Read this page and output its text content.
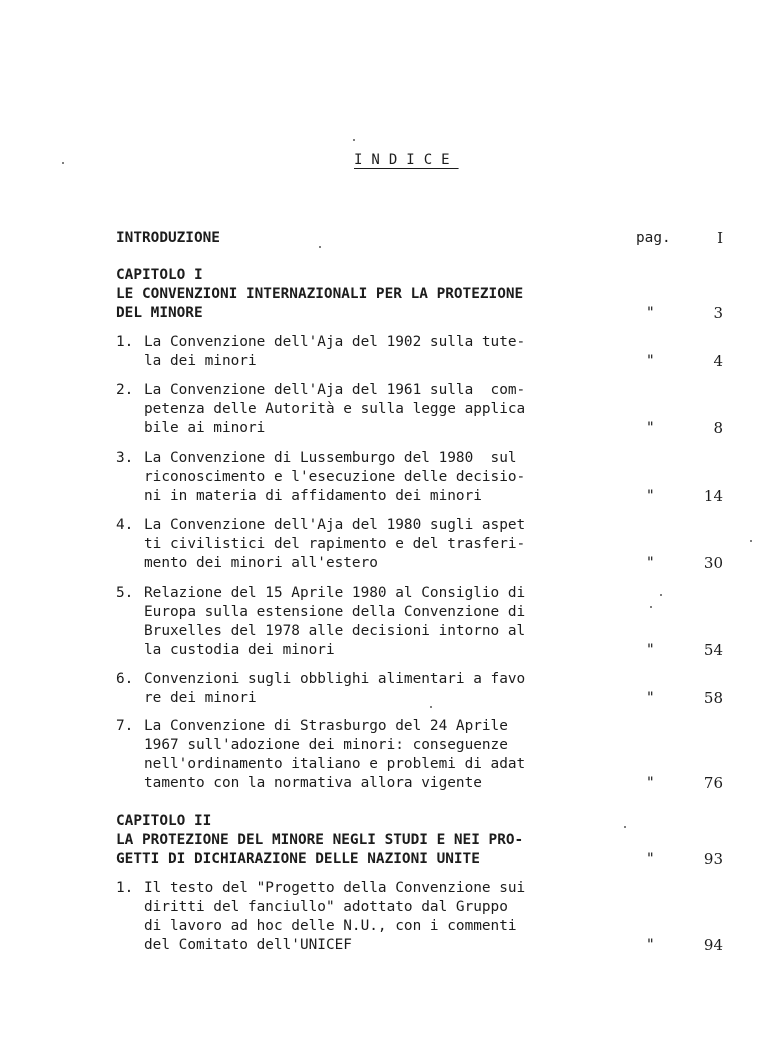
INDICE
INTRODUZIONE	pag.	I
CAPITOLO I
LE CONVENZIONI INTERNAZIONALI PER LA PROTEZIONE
DEL MINORE	"	3
1. La Convenzione dell'Aja del 1902 sulla tute-
la dei minori	"	4
2. La Convenzione dell'Aja del 1961 sulla  com-
petenza delle Autorità e sulla legge applica
bile ai minori	"	8
3. La Convenzione di Lussemburgo del 1980  sul
riconoscimento e l'esecuzione delle decisio-
ni in materia di affidamento dei minori	"	14
4. La Convenzione dell'Aja del 1980 sugli aspet
ti civilistici del rapimento e del trasferi-
mento dei minori all'estero	"	30
5. Relazione del 15 Aprile 1980 al Consiglio di
Europa sulla estensione della Convenzione di
Bruxelles del 1978 alle decisioni intorno al
la custodia dei minori	"	54
6. Convenzioni sugli obblighi alimentari a favo
re dei minori	"	58
7. La Convenzione di Strasburgo del 24 Aprile
1967 sull'adozione dei minori: conseguenze
nell'ordinamento italiano e problemi di adat
tamento con la normativa allora vigente	"	76
CAPITOLO II
LA PROTEZIONE DEL MINORE NEGLI STUDI E NEI PRO-
GETTI DI DICHIARAZIONE DELLE NAZIONI UNITE	"	93
1. Il testo del "Progetto della Convenzione sui
diritti del fanciullo" adottato dal Gruppo
di lavoro ad hoc delle N.U., con i commenti
del Comitato dell'UNICEF	"	94
